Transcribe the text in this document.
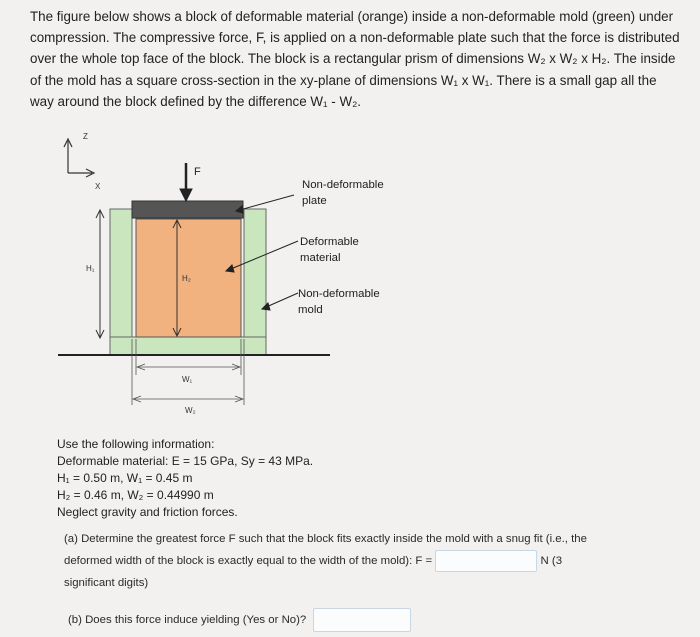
The figure below shows a block of deformable material (orange) inside a non-deformable mold (green) under compression. The compressive force, F, is applied on a non-deformable plate such that the force is distributed over the whole top face of the block. The block is a rectangular prism of dimensions W₂ x W₂ x H₂. The inside of the mold has a square cross-section in the xy-plane of dimensions W₁ x W₁. There is a small gap all the way around the block defined by the difference W₁ - W₂.

Z
X
F
H₁
H₂
W₁
W₂
Non-deformable plate Deformable material Non-deformable mold
Use the following information:
Deformable material: E = 15 GPa, Sy = 43 MPa.
H₁ = 0.50 m, W₁ = 0.45 m
H₂ = 0.46 m, W₂ = 0.44990 m
Neglect gravity and friction forces.
(a) Determine the greatest force F such that the block fits exactly inside the mold with a snug fit (i.e., the deformed width of the block is exactly equal to the width of the mold): F =	N (3
significant digits)
(b) Does this force induce yielding (Yes or No)?
